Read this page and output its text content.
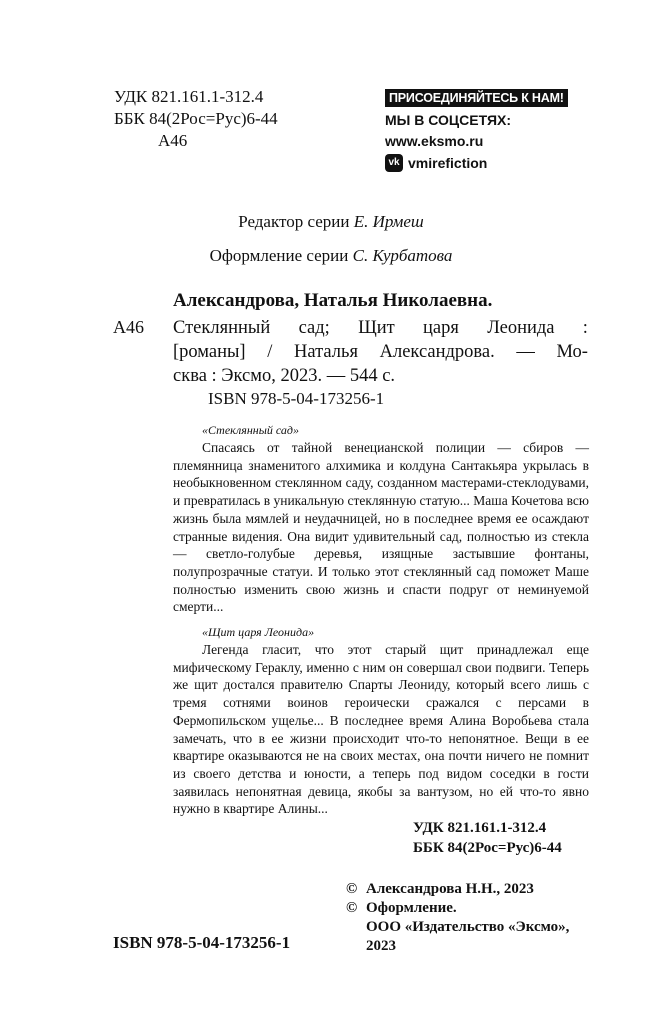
УДК 821.161.1-312.4
ББК 84(2Рос=Рус)6-44
А46
ПРИСОЕДИНЯЙТЕСЬ К НАМ!
МЫ В СОЦСЕТЯХ:
www.eksmo.ru
vk vmirefiction
Редактор серии Е. Ирмеш
Оформление серии С. Курбатова
Александрова, Наталья Николаевна.
А46 Стеклянный сад; Щит царя Леонида :
[романы] / Наталья Александрова. — Мо-
сква : Эксмо, 2023. — 544 с.
ISBN 978-5-04-173256-1
«Стеклянный сад»

Спасаясь от тайной венецианской полиции — сбиров — племянница знаменитого алхимика и колдуна Сантакьяра укрылась в необыкновенном стеклянном саду, созданном мастерами-стеклодувами, и превратилась в уникальную стеклянную статую... Маша Кочетова всю жизнь была мямлей и неудачницей, но в последнее время ее осаждают странные видения. Она видит удивительный сад, полностью из стекла — светло-голубые деревья, изящные застывшие фонтаны, полупрозрачные статуи. И только этот стеклянный сад поможет Маше полностью изменить свою жизнь и спасти подруг от неминуемой смерти...

«Щит царя Леонида»

Легенда гласит, что этот старый щит принадлежал еще мифическому Гераклу, именно с ним он совершал свои подвиги. Теперь же щит достался правителю Спарты Леониду, который всего лишь с тремя сотнями воинов героически сражался с персами в Фермопильском ущелье... В последнее время Алина Воробьева стала замечать, что в ее жизни происходит что-то непонятное. Вещи в ее квартире оказываются не на своих местах, она почти ничего не помнит из своего детства и юности, а теперь под видом соседки в гости заявилась непонятная девица, якобы за вантузом, но ей что-то явно нужно в квартире Алины...

УДК 821.161.1-312.4
ББК 84(2Рос=Рус)6-44
© Александрова Н.Н., 2023
© Оформление.
ООО «Издательство «Эксмо»,
2023
ISBN 978-5-04-173256-1
